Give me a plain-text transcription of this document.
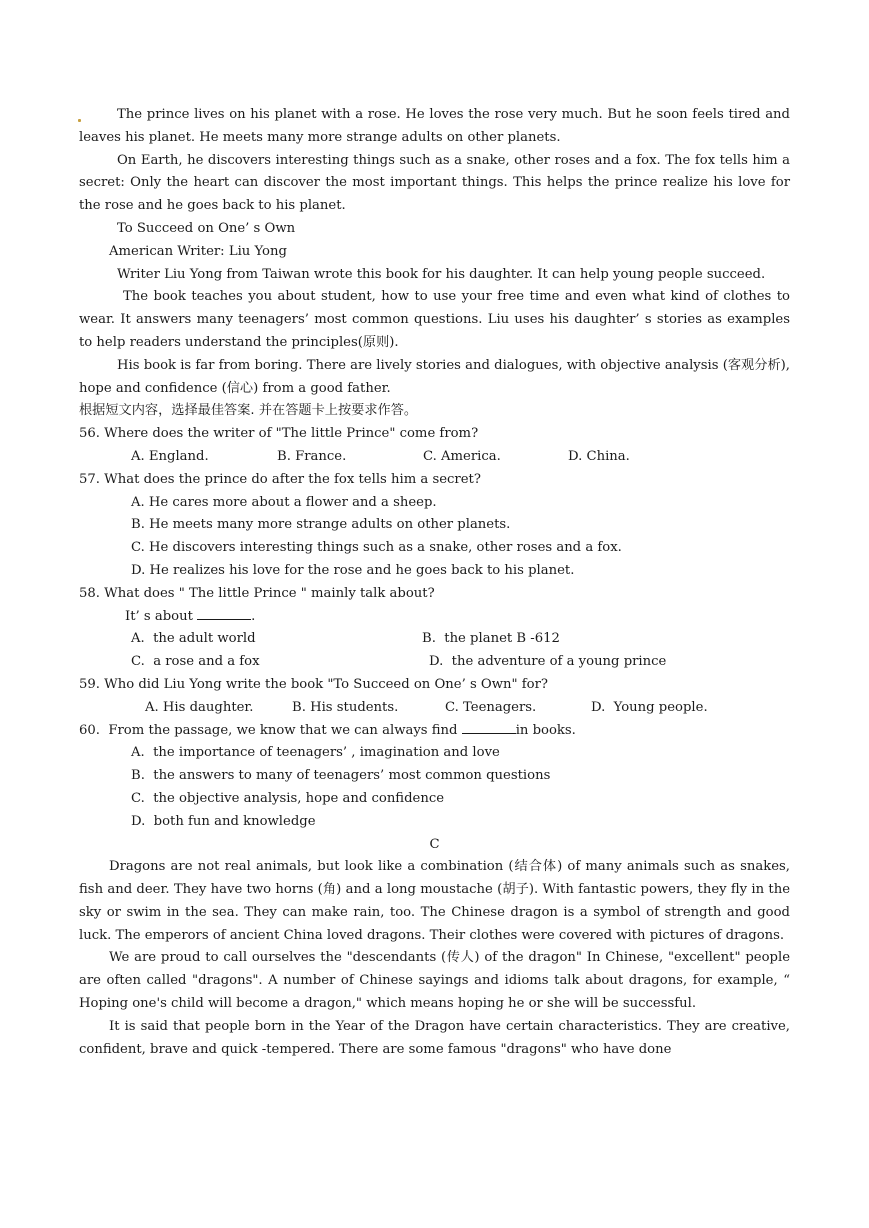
The prince lives on his planet with a rose. He loves the rose very much. But he soon feels tired and leaves his planet. He meets many more strange adults on other planets.

On Earth, he discovers interesting things such as a snake, other roses and a fox. The fox tells him a secret: Only the heart can discover the most important things. This helps the prince realize his love for the rose and he goes back to his planet.

To Succeed on One’ s Own

American Writer: Liu Yong

Writer Liu Yong from Taiwan wrote this book for his daughter. It can help young people succeed.

The book teaches you about student, how to use your free time and even what kind of clothes to wear. It answers many teenagers’ most common questions. Liu uses his daughter’ s stories as examples to help readers understand the principles(原则).

His book is far from boring. There are lively stories and dialogues, with objective analysis (客观分析), hope and confidence (信心) from a good father.

根据短文内容，选择最佳答案. 并在答题卡上按要求作答。

56. Where does the writer of "The little Prince" come from?

A. England.	B. France.	C. America.	D. China.

57. What does the prince do after the fox tells him a secret?

A. He cares more about a flower and a sheep.

B. He meets many more strange adults on other planets.

C. He discovers interesting things such as a snake, other roses and a fox.

D. He realizes his love for the rose and he goes back to his planet.

58. What does " The little Prince " mainly talk about?

It’ s about	.

A.  the adult world	B.  the planet B -612
C.  a rose and a fox	D.  the adventure of a young prince

59. Who did Liu Yong write the book "To Succeed on One’ s Own" for?

A. His daughter.	B. His students.	C. Teenagers.	D.  Young people.

60.  From the passage, we know that we can always find	in books.

A.  the importance of teenagers’ , imagination and love

B.  the answers to many of teenagers’ most common questions

C.  the objective analysis, hope and confidence

D.  both fun and knowledge

C

Dragons are not real animals, but look like a combination (结合体) of many animals such as snakes, fish and deer. They have two horns (角) and a long moustache (胡子). With fantastic powers, they fly in the sky or swim in the sea. They can make rain, too. The Chinese dragon is a symbol of strength and good luck. The emperors of ancient China loved dragons. Their clothes were covered with pictures of dragons.

We are proud to call ourselves the "descendants (传人) of the dragon" In Chinese, "excellent" people are often called "dragons". A number of Chinese sayings and idioms talk about dragons, for example, “ Hoping one's child will become a dragon," which means hoping he or she will be successful.

It is said that people born in the Year of the Dragon have certain characteristics. They are creative, confident, brave and quick -tempered. There are some famous "dragons" who have done
